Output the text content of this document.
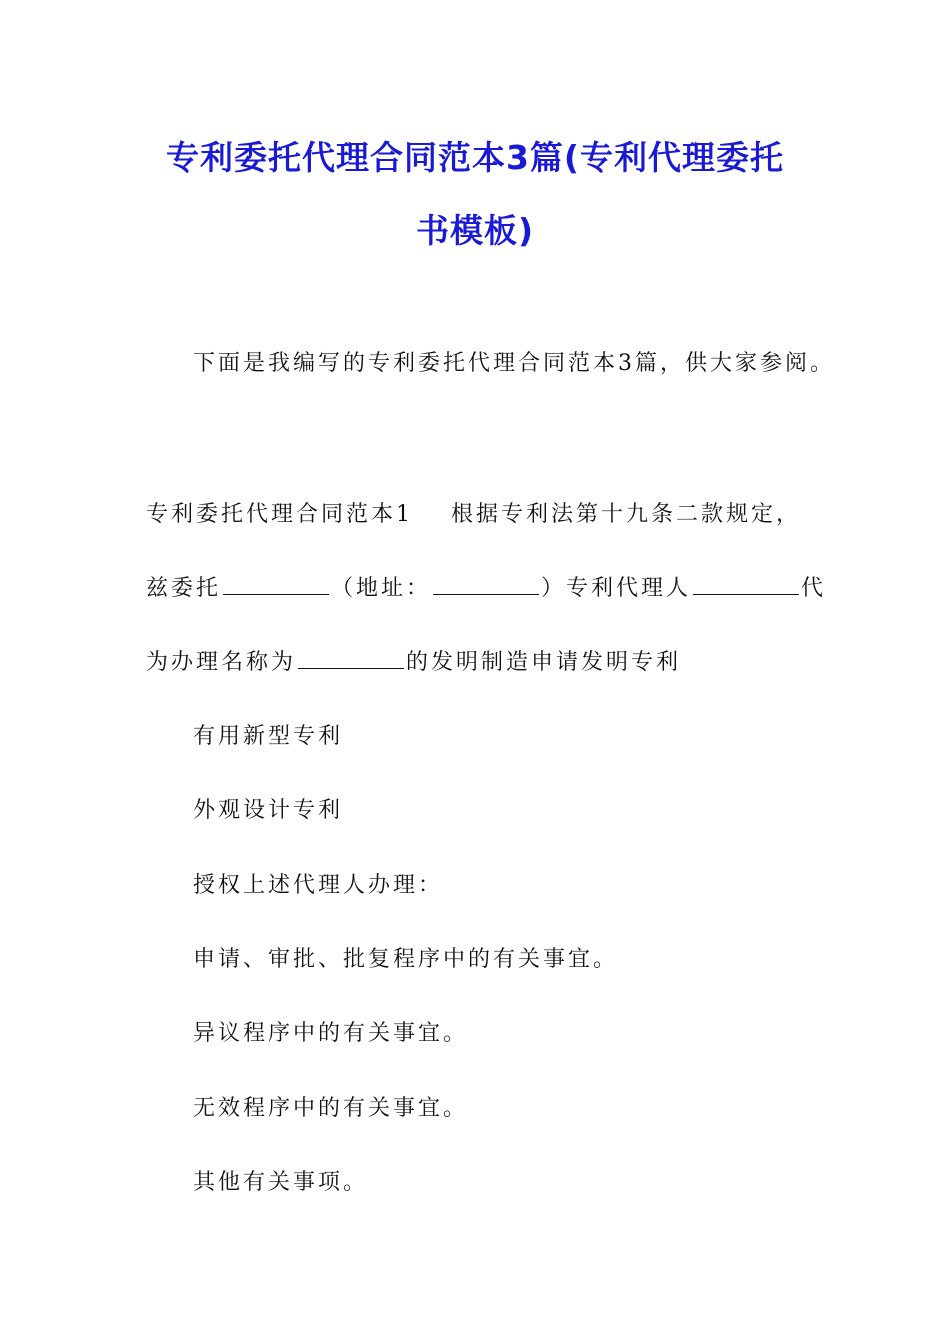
专利委托代理合同范本3篇(专利代理委托
书模板)
下面是我编写的专利委托代理合同范本3篇，供大家参阅。
专利委托代理合同范本1 根据专利法第十九条二款规定，
兹委托	（地址：	）专利代理人	代
为办理名称为	的发明制造申请发明专利
有用新型专利
外观设计专利
授权上述代理人办理：
申请、审批、批复程序中的有关事宜。
异议程序中的有关事宜。
无效程序中的有关事宜。
其他有关事项。
